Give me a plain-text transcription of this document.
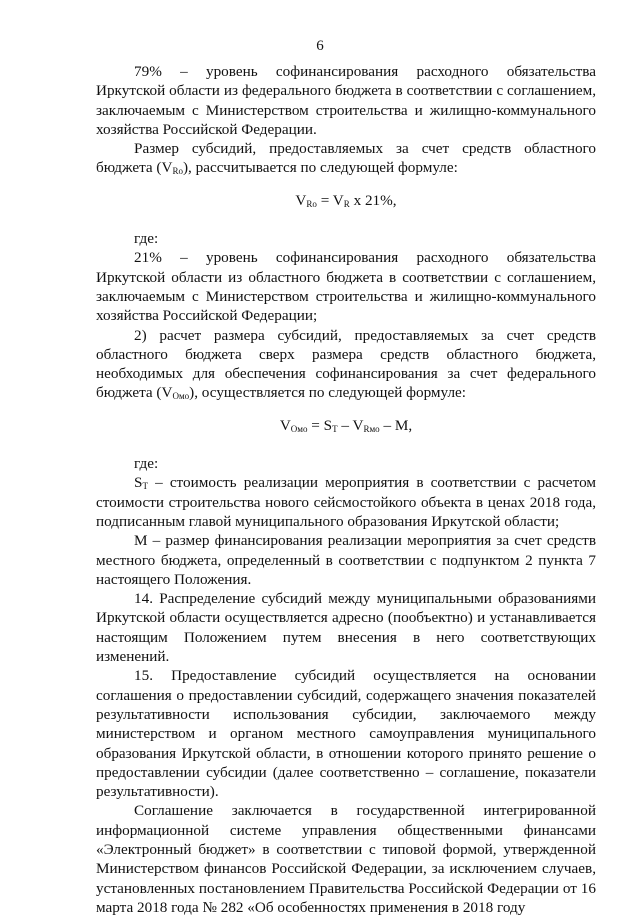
6

79% – уровень софинансирования расходного обязательства Иркутской области из федерального бюджета в соответствии с соглашением, заключаемым с Министерством строительства и жилищно-коммунального хозяйства Российской Федерации.

Размер субсидий, предоставляемых за счет средств областного бюджета $(V_{Ro})$, рассчитывается по следующей формуле:

$V_{Ro} = V_R$ x 21%,

где:

21% – уровень софинансирования расходного обязательства Иркутской области из областного бюджета в соответствии с соглашением, заключаемым с Министерством строительства и жилищно-коммунального хозяйства Российской Федерации;

2) расчет размера субсидий, предоставляемых за счет средств областного бюджета сверх размера средств областного бюджета, необходимых для обеспечения софинансирования за счет федерального бюджета $(V_{Омо})$, осуществляется по следующей формуле:

$V_{Омо} = S_T - V_{Rмо} - M$,

где:

$S_T$ – стоимость реализации мероприятия в соответствии с расчетом стоимости строительства нового сейсмостойкого объекта в ценах 2018 года, подписанным главой муниципального образования Иркутской области;

М – размер финансирования реализации мероприятия за счет средств местного бюджета, определенный в соответствии с подпунктом 2 пункта 7 настоящего Положения.

14. Распределение субсидий между муниципальными образованиями Иркутской области осуществляется адресно (пообъектно) и устанавливается настоящим Положением путем внесения в него соответствующих изменений.

15. Предоставление субсидий осуществляется на основании соглашения о предоставлении субсидий, содержащего значения показателей результативности использования субсидии, заключаемого между министерством и органом местного самоуправления муниципального образования Иркутской области, в отношении которого принято решение о предоставлении субсидии (далее соответственно – соглашение, показатели результативности).

Соглашение заключается в государственной интегрированной информационной системе управления общественными финансами «Электронный бюджет» в соответствии с типовой формой, утвержденной Министерством финансов Российской Федерации, за исключением случаев, установленных постановлением Правительства Российской Федерации от 16 марта 2018 года № 282 «Об особенностях применения в 2018 году
